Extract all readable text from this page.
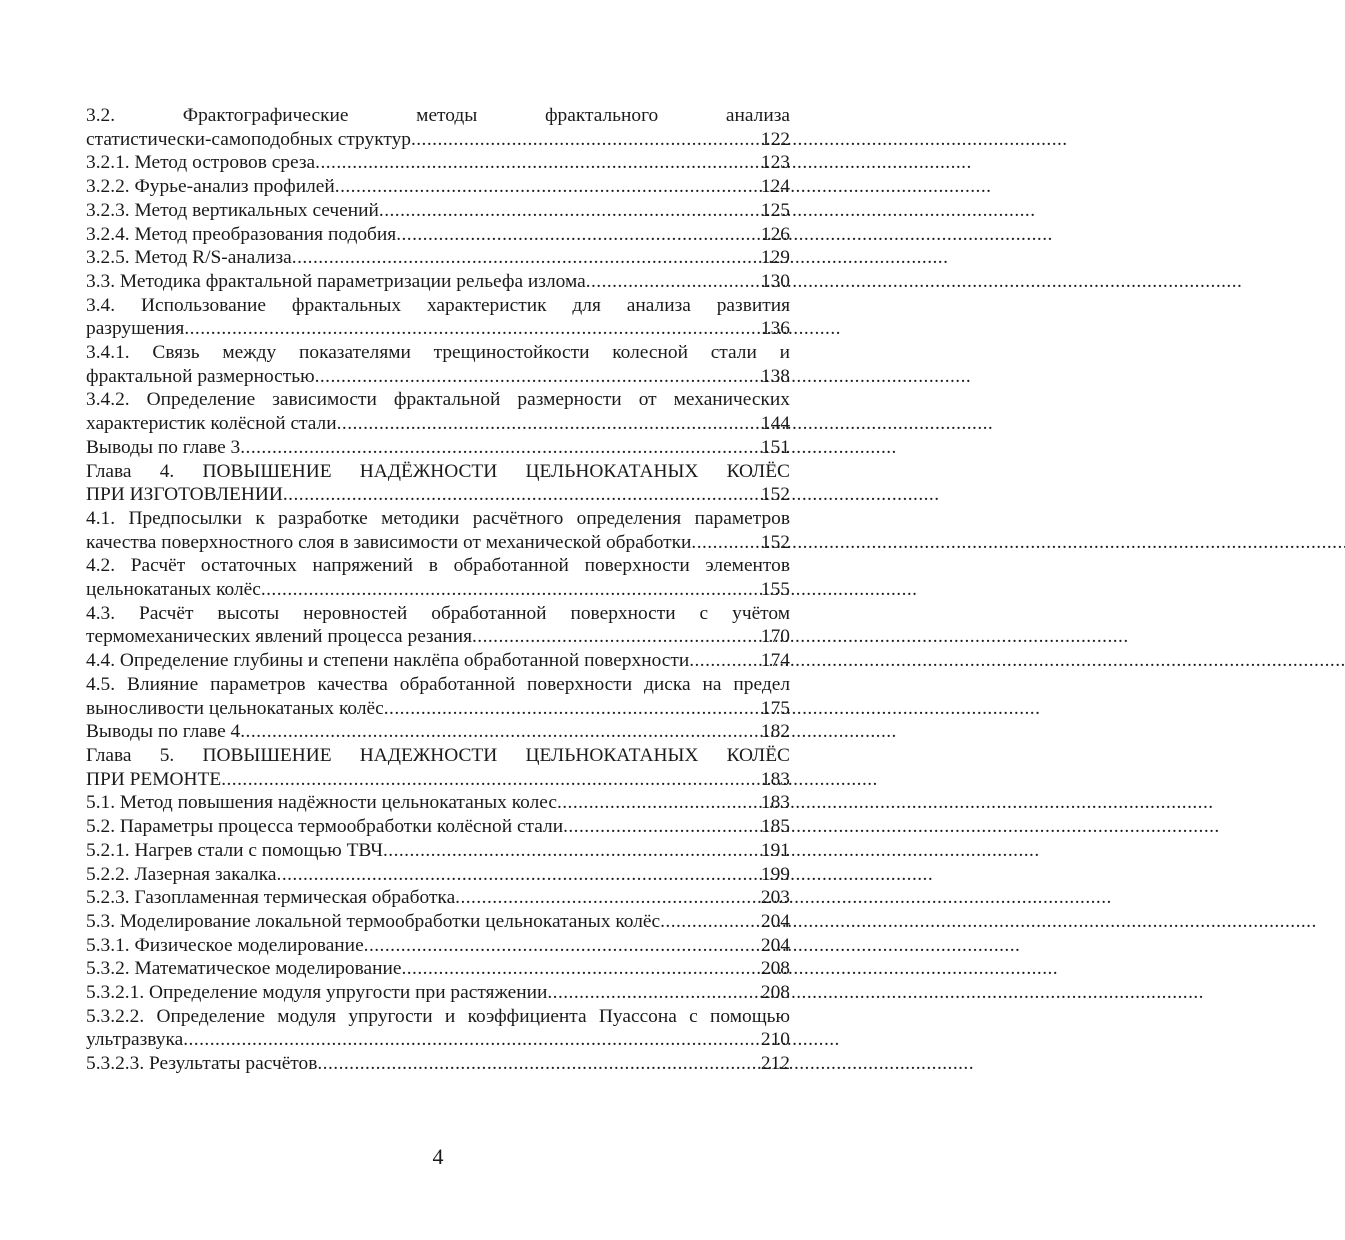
3.2. Фрактографические методы фрактального анализа
статистически-самоподобных структур . . .	122
3.2.1. Метод островов среза . . .	123
3.2.2. Фурье-анализ профилей . . .	124
3.2.3. Метод вертикальных сечений . . .	125
3.2.4. Метод преобразования подобия . . .	126
3.2.5. Метод R/S-анализа . . .	129
3.3. Методика фрактальной параметризации рельефа излома . . .	130
3.4. Использование фрактальных характеристик для анализа развития
разрушения . . .	136
3.4.1. Связь между показателями трещиностойкости колесной стали и
фрактальной размерностью . . .	138
3.4.2. Определение зависимости фрактальной размерности от механических
характеристик колёсной стали . . .	144
Выводы по главе 3 . . .	151
Глава 4. ПОВЫШЕНИЕ НАДЁЖНОСТИ ЦЕЛЬНОКАТАНЫХ КОЛЁС
ПРИ ИЗГОТОВЛЕНИИ . . .	152
4.1. Предпосылки к разработке методики расчётного определения параметров
качества поверхностного слоя в зависимости от механической обработки . . .	152
4.2. Расчёт остаточных напряжений в обработанной поверхности элементов
цельнокатаных колёс . . .	155
4.3. Расчёт высоты неровностей обработанной поверхности с учётом
термомеханических явлений процесса резания . . .	170
4.4. Определение глубины и степени наклёпа обработанной поверхности . . .	174
4.5. Влияние параметров качества обработанной поверхности диска на предел
выносливости цельнокатаных колёс . . .	175
Выводы по главе 4 . . .	182
Глава 5. ПОВЫШЕНИЕ НАДЕЖНОСТИ ЦЕЛЬНОКАТАНЫХ КОЛЁС
ПРИ РЕМОНТЕ . . .	183
5.1. Метод повышения надёжности цельнокатаных колес . . .	183
5.2. Параметры процесса термообработки колёсной стали . . .	185
5.2.1. Нагрев стали с помощью ТВЧ . . .	191
5.2.2. Лазерная закалка . . .	199
5.2.3. Газопламенная термическая обработка . . .	203
5.3. Моделирование локальной термообработки цельнокатаных колёс . . .	204
5.3.1. Физическое моделирование . . .	204
5.3.2. Математическое моделирование . . .	208
5.3.2.1. Определение модуля упругости при растяжении . . .	208
5.3.2.2. Определение модуля упругости и коэффициента Пуассона с помощью
ультразвука . . .	210
5.3.2.3. Результаты расчётов . . .	212
4
